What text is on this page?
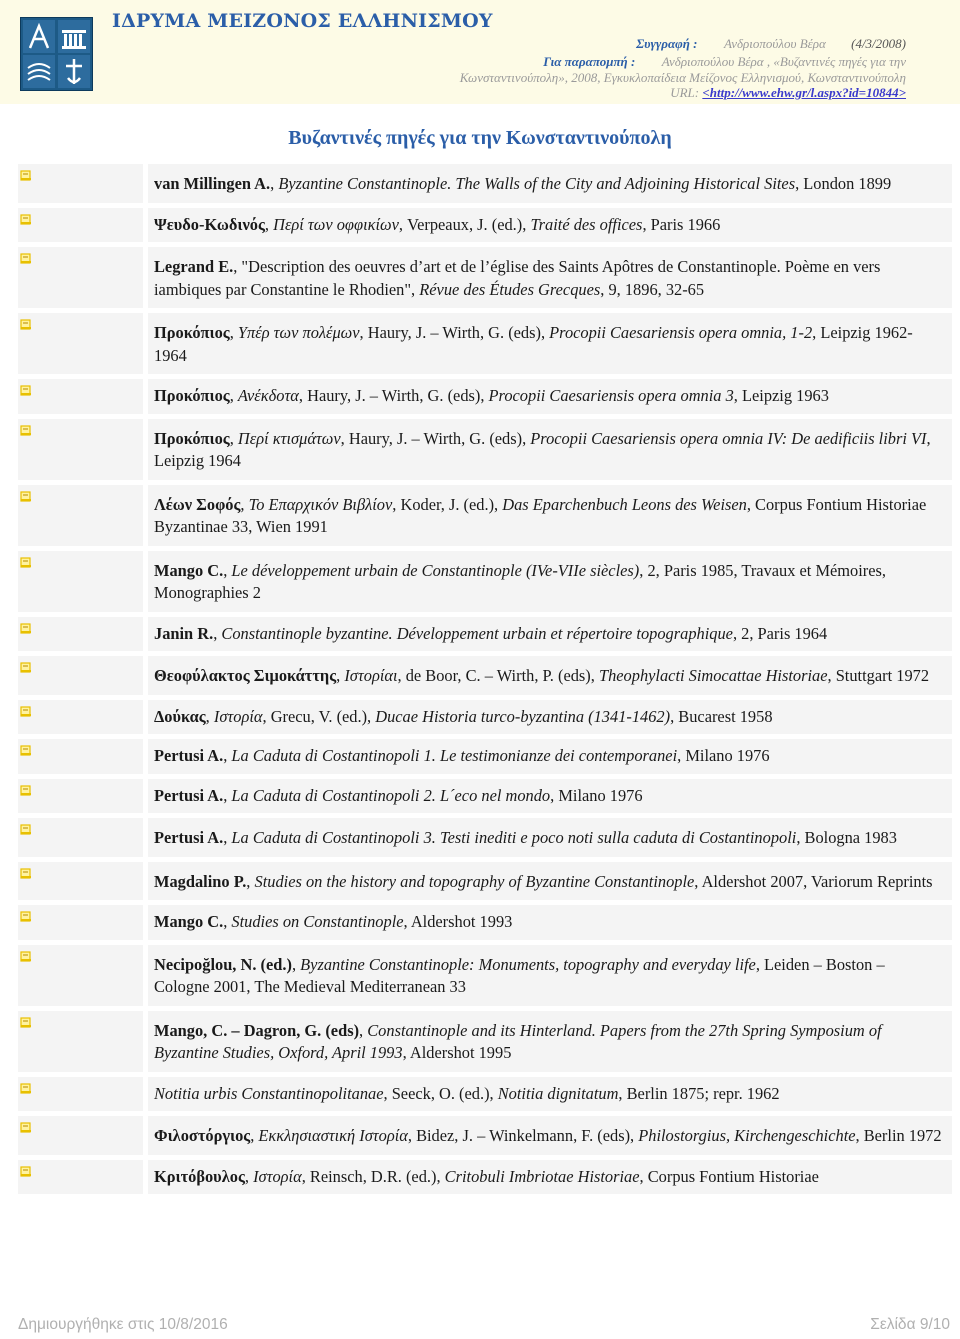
ΙΔΡΥΜΑ ΜΕΙΖΟΝΟΣ ΕΛΛΗΝΙΣΜΟΥ
Συγγραφή : Ανδριοπούλου Βέρα (4/3/2008)
Για παραπομπή : Ανδριοπούλου Βέρα , «Βυζαντινές πηγές για την
Κωνσταντινούπολη», 2008, Εγκυκλοπαίδεια Μείζονος Ελληνισμού, Κωνσταντινούπολη
URL: <http://www.ehw.gr/l.aspx?id=10844>
Βυζαντινές πηγές για την Κωνσταντινούπολη
van Millingen A., Byzantine Constantinople. The Walls of the City and Adjoining Historical Sites, London 1899
Ψευδο-Κωδινός, Περί των οφφικίων, Verpeaux, J. (ed.), Traité des offices, Paris 1966
Legrand E., "Description des oeuvres d’art et de l’église des Saints Apôtres de Constantinople. Poème en vers iambiques par Constantine le Rhodien", Révue des Études Grecques, 9, 1896, 32-65
Προκόπιος, Υπέρ των πολέμων, Haury, J. – Wirth, G. (eds), Procopii Caesariensis opera omnia, 1-2, Leipzig 1962-1964
Προκόπιος, Ανέκδοτα, Haury, J. – Wirth, G. (eds), Procopii Caesariensis opera omnia 3, Leipzig 1963
Προκόπιος, Περί κτισμάτων, Haury, J. – Wirth, G. (eds), Procopii Caesariensis opera omnia IV: De aedificiis libri VI, Leipzig 1964
Λέων Σοφός, Το Επαρχικόν Βιβλίον, Koder, J. (ed.), Das Eparchenbuch Leons des Weisen, Corpus Fontium Historiae Byzantinae 33, Wien 1991
Mango C., Le développement urbain de Constantinople (IVe-VIIe siècles), 2, Paris 1985, Travaux et Mémoires, Monographies 2
Janin R., Constantinople byzantine. Développement urbain et répertoire topographique, 2, Paris 1964
Θεοφύλακτος Σιμοκάττης, Ιστορίαι, de Boor, C. – Wirth, P. (eds), Theophylacti Simocattae Historiae, Stuttgart 1972
Δούκας, Ιστορία, Grecu, V. (ed.), Ducae Historia turco-byzantina (1341-1462), Bucarest 1958
Pertusi A., La Caduta di Costantinopoli 1. Le testimonianze dei contemporanei, Milano 1976
Pertusi A., La Caduta di Costantinopoli 2. L´eco nel mondo, Milano 1976
Pertusi A., La Caduta di Costantinopoli 3. Testi inediti e poco noti sulla caduta di Costantinopoli, Bologna 1983
Magdalino P., Studies on the history and topography of Byzantine Constantinople, Aldershot 2007, Variorum Reprints
Mango C., Studies on Constantinople, Aldershot 1993
Necipoğlou, N. (ed.), Byzantine Constantinople: Monuments, topography and everyday life, Leiden – Boston – Cologne 2001, The Medieval Mediterranean 33
Mango, C. – Dagron, G. (eds), Constantinople and its Hinterland. Papers from the 27th Spring Symposium of Byzantine Studies, Oxford, April 1993, Aldershot 1995
Notitia urbis Constantinopolitanae, Seeck, O. (ed.), Notitia dignitatum, Berlin 1875; repr. 1962
Φιλοστόργιος, Εκκλησιαστική Ιστορία, Bidez, J. – Winkelmann, F. (eds), Philostorgius, Kirchengeschichte, Berlin 1972
Κριτόβουλος, Ιστορία, Reinsch, D.R. (ed.), Critobuli Imbriotae Historiae, Corpus Fontium Historiae
Δημιουργήθηκε στις 10/8/2016	Σελίδα 9/10
